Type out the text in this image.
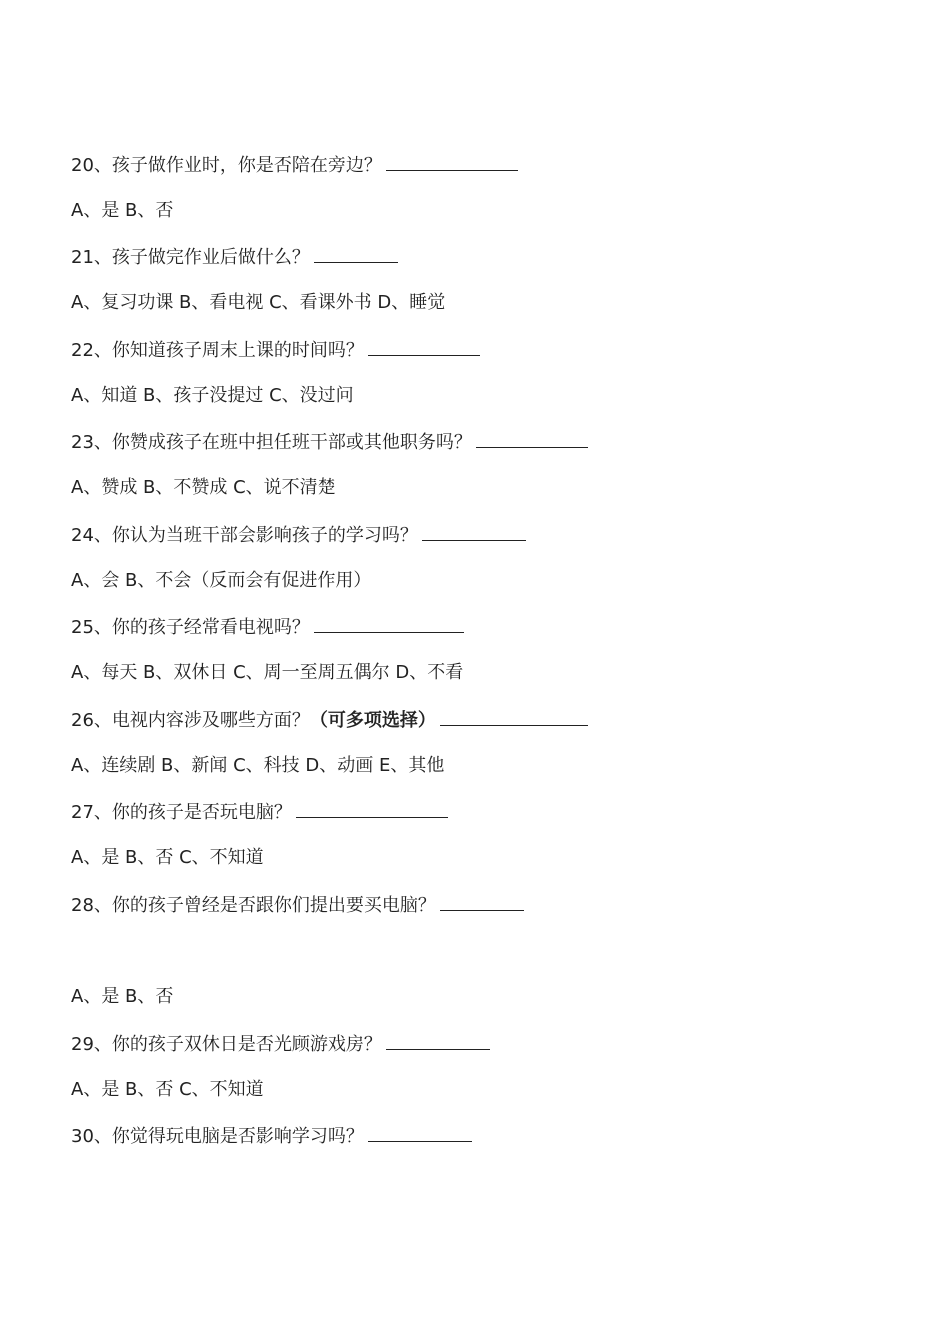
20、孩子做作业时，你是否陪在旁边？
A、是 B、否
21、孩子做完作业后做什么？
A、复习功课 B、看电视 C、看课外书 D、睡觉
22、你知道孩子周末上课的时间吗？
A、知道 B、孩子没提过 C、没过问
23、你赞成孩子在班中担任班干部或其他职务吗？
A、赞成 B、不赞成 C、说不清楚
24、你认为当班干部会影响孩子的学习吗？
A、会 B、不会（反而会有促进作用）
25、你的孩子经常看电视吗？
A、每天 B、双休日 C、周一至周五偶尔 D、不看
26、电视内容涉及哪些方面？（可多项选择）
A、连续剧 B、新闻 C、科技 D、动画 E、其他
27、你的孩子是否玩电脑？
A、是 B、否 C、不知道
28、你的孩子曾经是否跟你们提出要买电脑？
A、是 B、否
29、你的孩子双休日是否光顾游戏房？
A、是 B、否 C、不知道
30、你觉得玩电脑是否影响学习吗？
